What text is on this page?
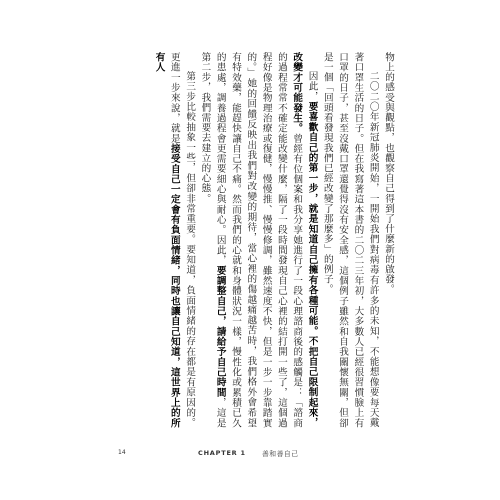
物上的感受與觀點，也觀察自己得到了什麼新的啟發。

二〇二〇年新冠肺炎開始，一開始我們對病毒有許多的未知，不能想像要每天戴著口罩生活的日子。但在我寫著這本書的二〇二三年初，大多數人已經很習慣臉上有口罩的日子，甚至沒戴口罩還覺得沒有安全感，這個例子雖然和自我關懷無關，但卻是一個「回頭看發現我們已經改變了那麼多」的例子。

因此，要喜歡自己的第一步，就是知道自己擁有各種可能。不把自己限制起來，改變才可能發生。曾經有位個案和我分享她進行了一段心理諮商後的感觸是：「諮商的過程常常不確定能改變什麼，隔了一段時間發現自己心裡的結打開一些了，這個過程好像是物理治療或復健，慢慢推、慢慢修調，雖然速度不快，但是一步一步靠踏實的。」她的回饋反映出我們對改變的期待，當心裡的傷越痛越苦時，我們格外會希望有特效藥，能趕快讓自己不痛。然而我們的心就和身體狀況一樣，慢性化或累積已久的患處，調養過程會更需要細心與耐心。因此，要調整自己，請給予自己時間，這是第二步，我們需要去建立的心態。

第三步比較抽象一些，但卻非常重要。要知道，負面情緒的存在都是有原因的。更進一步來說，就是接受自己一定會有負面情緒，同時也讓自己知道，這世界上的所有人

14	CHAPTER 1 善和善自己
